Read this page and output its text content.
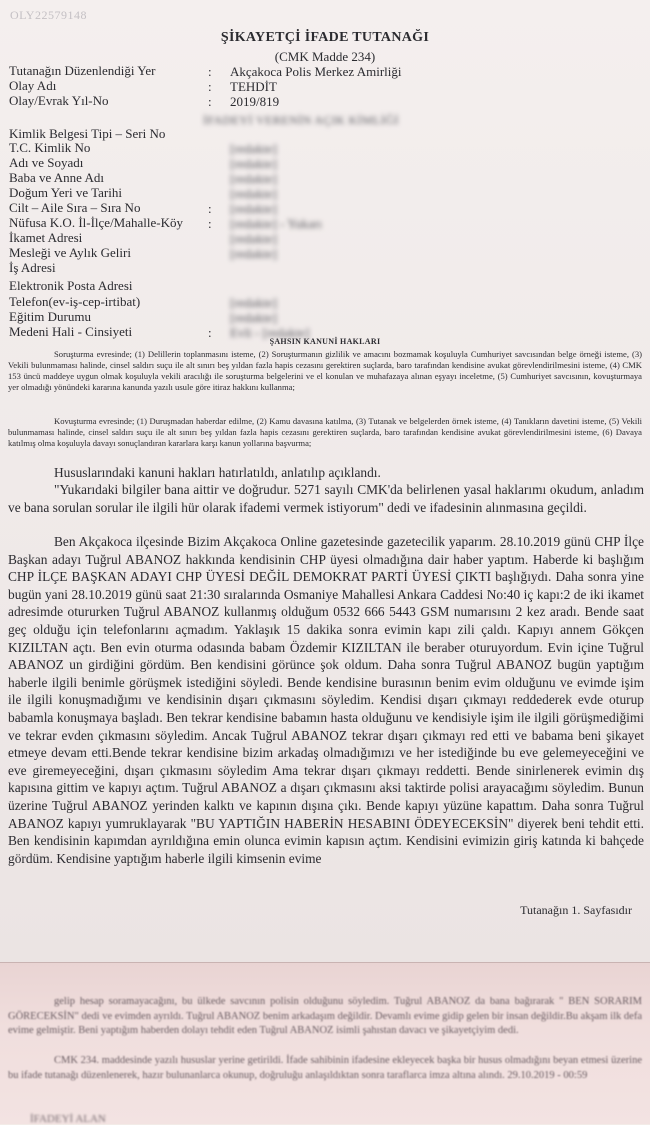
OLY22579148
ŞİKAYETÇİ İFADE TUTANAĞI
(CMK Madde 234)
Tutanağın Düzenlendiği Yer	: Akçakoca Polis Merkez Amirliği
Olay Adı	: TEHDİT
Olay/Evrak Yıl-No	: 2019/819
İFADEYİ VERENİN AÇIK KİMLİĞİ
Kimlik Belgesi Tipi – Seri No
T.C. Kimlik No	[redakte]
Adı ve Soyadı	[redakte]
Baba ve Anne Adı	[redakte]
Doğum Yeri ve Tarihi	[redakte]
Cilt – Aile Sıra – Sıra No	: [redakte]
Nüfusa K.O. İl-İlçe/Mahalle-Köy : [redakte] - Yukarı
İkamet Adresi	[redakte]
Mesleği ve Aylık Geliri	[redakte]
İş Adresi
Elektronik Posta Adresi
Telefon(ev-iş-cep-irtibat)	[redakte]
Eğitim Durumu	[redakte]
Medeni Hali - Cinsiyeti	: Evli - [redakte]
ŞAHSIN KANUNİ HAKLARI
Soruşturma evresinde; (1) Delillerin toplanmasını isteme, (2) Soruşturmanın gizlilik ve amacını bozmamak koşuluyla Cumhuriyet savcısından belge örneği isteme, (3) Vekili bulunmaması halinde, cinsel saldırı suçu ile alt sınırı beş yıldan fazla hapis cezasını gerektiren suçlarda, baro tarafından kendisine avukat görevlendirilmesini isteme, (4) CMK 153 üncü maddeye uygun olmak koşuluyla vekili aracılığı ile soruşturma belgelerini ve el konulan ve muhafazaya alınan eşyayı inceletme, (5) Cumhuriyet savcısının, kovuşturmaya yer olmadığı yönündeki kararına kanunda yazılı usule göre itiraz hakkını kullanma;
Kovuşturma evresinde; (1) Duruşmadan haberdar edilme, (2) Kamu davasına katılma, (3) Tutanak ve belgelerden örnek isteme, (4) Tanıkların davetini isteme, (5) Vekili bulunmaması halinde, cinsel saldırı suçu ile alt sınırı beş yıldan fazla hapis cezasını gerektiren suçlarda, baro tarafından kendisine avukat görevlendirilmesini isteme, (6) Davaya katılmış olma koşuluyla davayı sonuçlandıran kararlara karşı kanun yollarına başvurma;
Hususlarındaki kanuni hakları hatırlatıldı, anlatılıp açıklandı.
"Yukarıdaki bilgiler bana aittir ve doğrudur. 5271 sayılı CMK'da belirlenen yasal haklarımı okudum, anladım ve bana sorulan sorular ile ilgili hür olarak ifademi vermek istiyorum" dedi ve ifadesinin alınmasına geçildi.
Ben Akçakoca ilçesinde Bizim Akçakoca Online gazetesinde gazetecilik yaparım. 28.10.2019 günü CHP İlçe Başkan adayı Tuğrul ABANOZ hakkında kendisinin CHP üyesi olmadığına dair haber yaptım. Haberde ki başlığım CHP İLÇE BAŞKAN ADAYI CHP ÜYESİ DEĞİL DEMOKRAT PARTİ ÜYESİ ÇIKTI başlığıydı. Daha sonra yine bugün yani 28.10.2019 günü saat 21:30 sıralarında Osmaniye Mahallesi Ankara Caddesi No:40 iç kapı:2 de iki ikamet adresimde otururken Tuğrul ABANOZ kullanmış olduğum 0532 666 5443 GSM numarısını 2 kez aradı. Bende saat geç olduğu için telefonlarını açmadım. Yaklaşık 15 dakika sonra evimin kapı zili çaldı. Kapıyı annem Gökçen KIZILTAN açtı. Ben evin oturma odasında babam Özdemir KIZILTAN ile beraber oturuyordum. Evin içine Tuğrul ABANOZ un girdiğini gördüm. Ben kendisini görünce şok oldum. Daha sonra Tuğrul ABANOZ bugün yaptığım haberle ilgili benimle görüşmek istediğini söyledi. Bende kendisine burasının benim evim olduğunu ve evimde işim ile ilgili konuşmadığımı ve kendisinin dışarı çıkmasını söyledim. Kendisi dışarı çıkmayı reddederek evde oturup babamla konuşmaya başladı. Ben tekrar kendisine babamın hasta olduğunu ve kendisiyle işim ile ilgili görüşmediğimi ve tekrar evden çıkmasını söyledim. Ancak Tuğrul ABANOZ tekrar dışarı çıkmayı red etti ve babama beni şikayet etmeye devam etti.Bende tekrar kendisine bizim arkadaş olmadığımızı ve her istediğinde bu eve gelemeyeceğini ve eve giremeyeceğini, dışarı çıkmasını söyledim Ama tekrar dışarı çıkmayı reddetti. Bende sinirlenerek evimin dış kapısına gittim ve kapıyı açtım. Tuğrul ABANOZ a dışarı çıkmasını aksi taktirde polisi arayacağımı söyledim. Bunun üzerine Tuğrul ABANOZ yerinden kalktı ve kapının dışına çıkı. Bende kapıyı yüzüne kapattım. Daha sonra Tuğrul ABANOZ kapıyı yumruklayarak "BU YAPTIĞIN HABERİN HESABINI ÖDEYECEKSİN" diyerek beni tehdit etti. Ben kendisinin kapımdan ayrıldığına emin olunca evimin kapısın açtım. Kendisini evimizin giriş katında ki bahçede gördüm. Kendisine yaptığım haberle ilgili kimsenin evime
Tutanağın 1. Sayfasıdır
gelip hesap soramayacağını, bu ülkede savcının polisin olduğunu söyledim. Tuğrul ABANOZ da bana bağırarak " BEN SORARIM GÖRECEKSİN" dedi ve evimden ayrıldı. Tuğrul ABANOZ benim arkadaşım değildir. Devamlı evime gidip gelen bir insan değildir.Bu akşam ilk defa evime gelmiştir. Beni yaptığım haberden dolayı tehdit eden Tuğrul ABANOZ isimli şahıstan davacı ve şikayetçiyim dedi.
CMK 234. maddesinde yazılı hususlar yerine getirildi. İfade sahibinin ifadesine ekleyecek başka bir husus olmadığını beyan etmesi üzerine bu ifade tutanağı düzenlenerek, hazır bulunanlarca okunup, doğruluğu anlaşıldıktan sonra taraflarca imza altına alındı. 29.10.2019 - 00:59
İFADEYİ ALAN
